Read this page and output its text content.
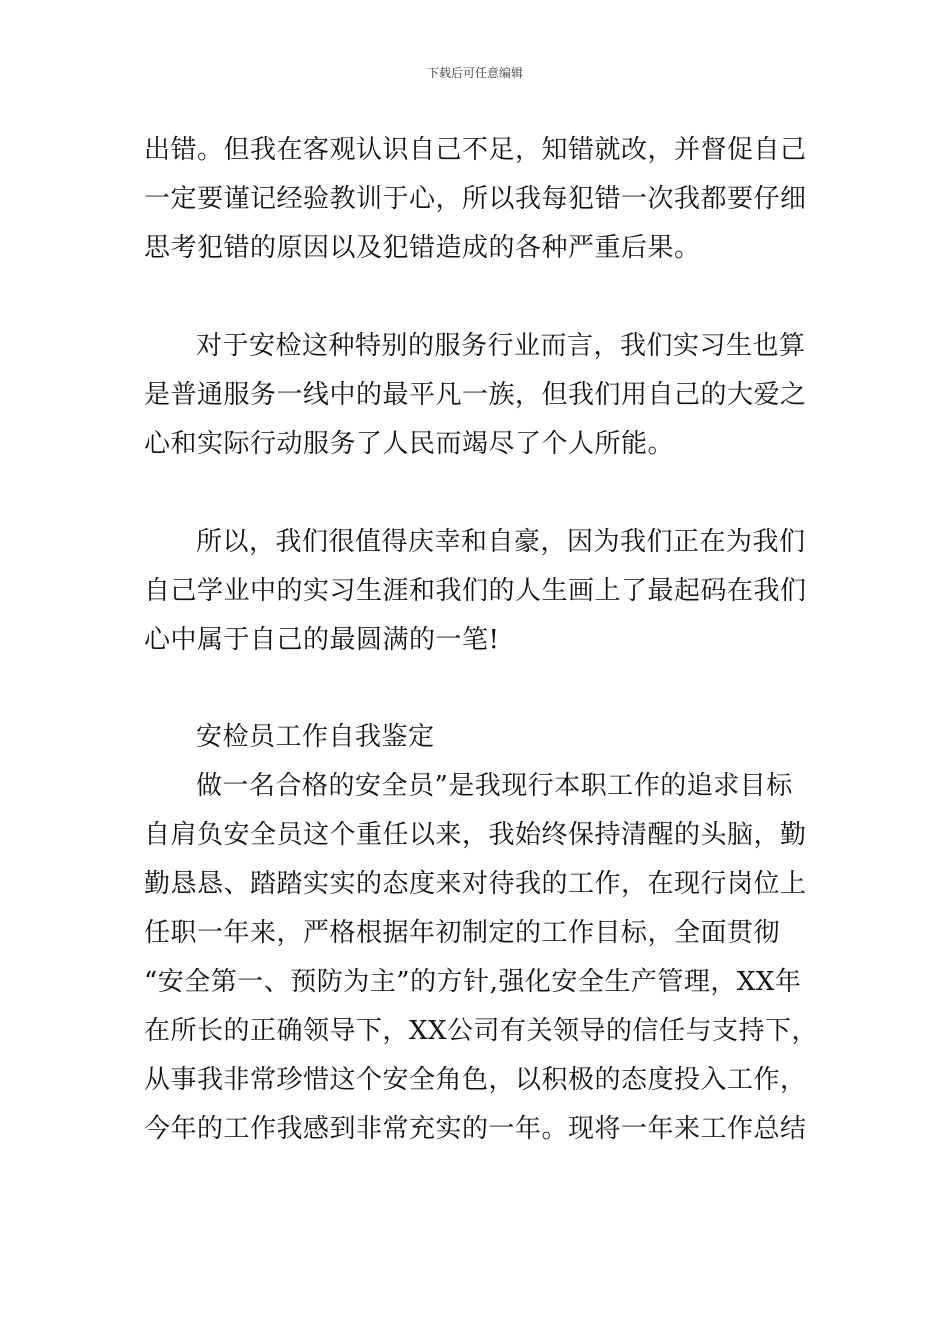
下载后可任意编辑
出错。但我在客观认识自己不足，知错就改，并督促自己
一定要谨记经验教训于心，所以我每犯错一次我都要仔细
思考犯错的原因以及犯错造成的各种严重后果。
对于安检这种特别的服务行业而言，我们实习生也算
是普通服务一线中的最平凡一族，但我们用自己的大爱之
心和实际行动服务了人民而竭尽了个人所能。
所以，我们很值得庆幸和自豪，因为我们正在为我们
自己学业中的实习生涯和我们的人生画上了最起码在我们
心中属于自己的最圆满的一笔!
安检员工作自我鉴定
做一名合格的安全员”是我现行本职工作的追求目标
自肩负安全员这个重任以来，我始终保持清醒的头脑，勤
勤恳恳、踏踏实实的态度来对待我的工作，在现行岗位上
任职一年来，严格根据年初制定的工作目标，全面贯彻
“安全第一、预防为主”的方针,强化安全生产管理，XX年
在所长的正确领导下，XX公司有关领导的信任与支持下，
从事我非常珍惜这个安全角色，以积极的态度投入工作，
今年的工作我感到非常充实的一年。现将一年来工作总结
